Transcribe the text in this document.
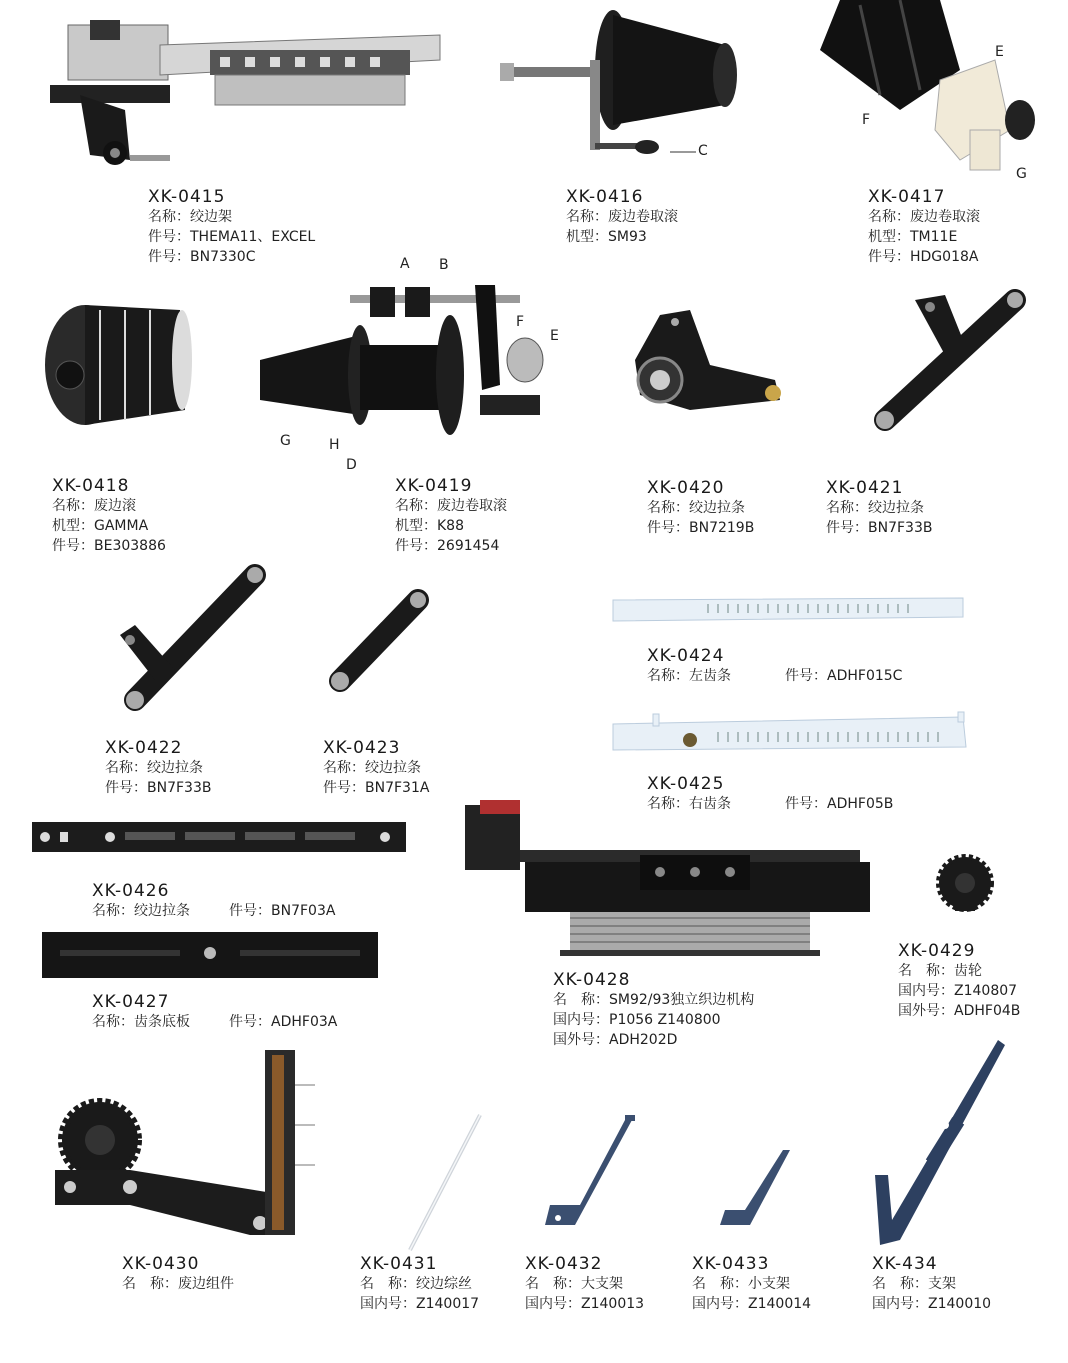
C
E
F
G
A B
F
E
G	H
D
XK-0415
名称：绞边架
件号：THEMA11、EXCEL
件号：BN7330C
XK-0416
名称：废边卷取滚
机型：SM93
XK-0417
名称：废边卷取滚
机型：TM11E
件号：HDG018A
XK-0418
名称：废边滚
机型：GAMMA
件号：BE303886
XK-0419
名称：废边卷取滚
机型：K88
件号：2691454
XK-0420
名称：绞边拉条
件号：BN7219B
XK-0421
名称：绞边拉条
件号：BN7F33B
XK-0422
名称：绞边拉条
件号：BN7F33B
XK-0423
名称：绞边拉条
件号：BN7F31A
XK-0424
名称：左齿条	件号：ADHF015C
XK-0425
名称：右齿条	件号：ADHF05B
XK-0426
名称：绞边拉条	件号：BN7F03A
XK-0427
名称：齿条底板	件号：ADHF03A
XK-0428
名　称：SM92/93独立织边机构
国内号：P1056 Z140800
国外号：ADH202D
XK-0429
名　称：齿轮
国内号：Z140807
国外号：ADHF04B
XK-0430
名　称：废边组件
XK-0431
名　称：绞边综丝
国内号：Z140017
XK-0432
名　称：大支架
国内号：Z140013
XK-0433
名　称：小支架
国内号：Z140014
XK-434
名　称：支架
国内号：Z140010
